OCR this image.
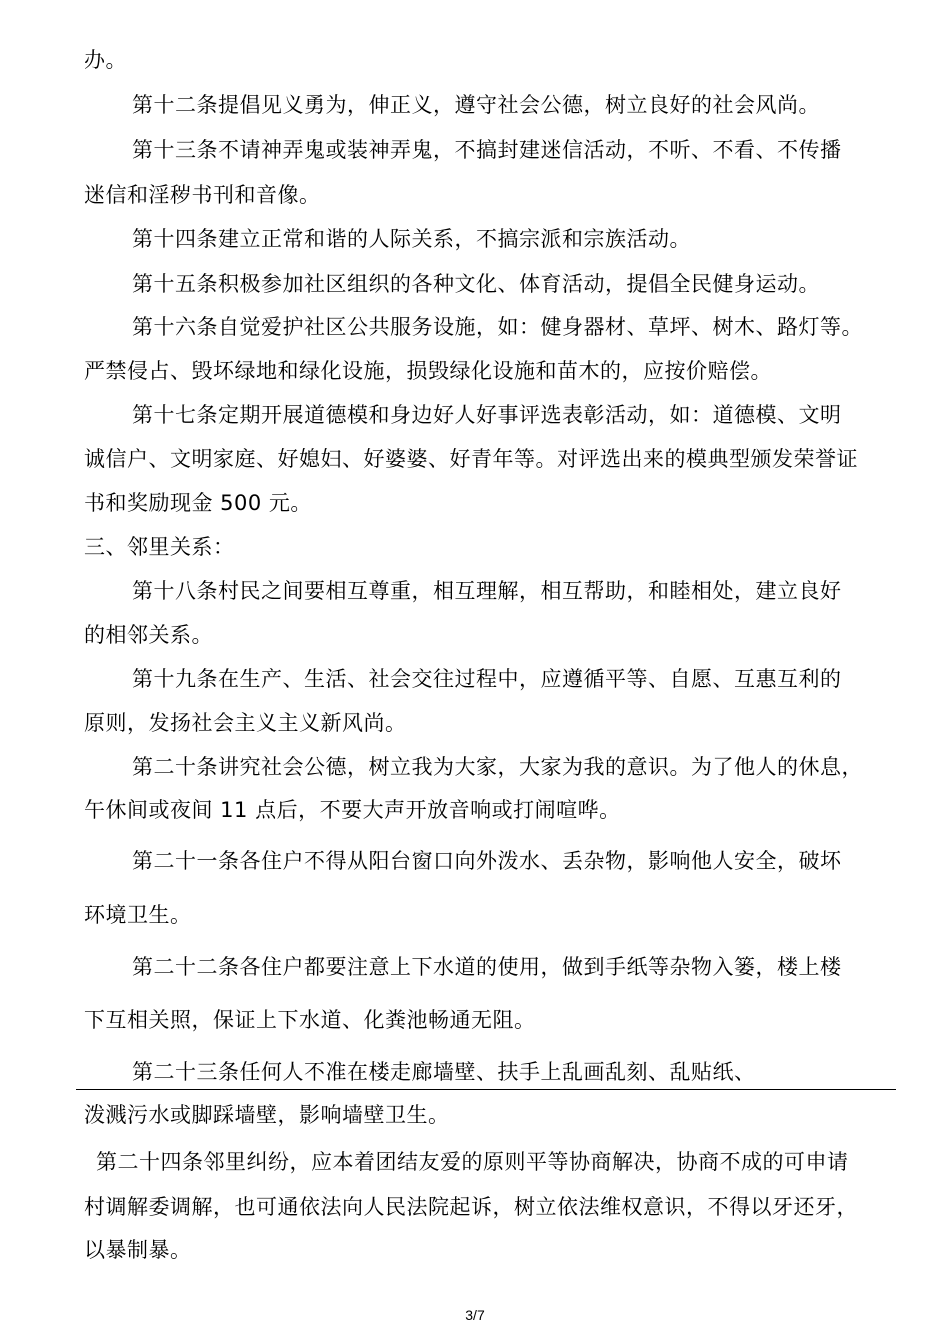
办。
第十二条提倡见义勇为，伸正义，遵守社会公德，树立良好的社会风尚。
第十三条不请神弄鬼或装神弄鬼，不搞封建迷信活动，不听、不看、不传播
迷信和淫秽书刊和音像。
第十四条建立正常和谐的人际关系，不搞宗派和宗族活动。
第十五条积极参加社区组织的各种文化、体育活动，提倡全民健身运动。
第十六条自觉爱护社区公共服务设施，如：健身器材、草坪、树木、路灯等。
严禁侵占、毁坏绿地和绿化设施，损毁绿化设施和苗木的，应按价赔偿。
第十七条定期开展道德模和身边好人好事评选表彰活动，如：道德模、文明
诚信户、文明家庭、好媳妇、好婆婆、好青年等。对评选出来的模典型颁发荣誉证
书和奖励现金 500 元。
三、邻里关系：
第十八条村民之间要相互尊重，相互理解，相互帮助，和睦相处，建立良好
的相邻关系。
第十九条在生产、生活、社会交往过程中，应遵循平等、自愿、互惠互利的
原则，发扬社会主义主义新风尚。
第二十条讲究社会公德，树立我为大家，大家为我的意识。为了他人的休息，
午休间或夜间 11 点后，不要大声开放音响或打闹喧哗。
第二十一条各住户不得从阳台窗口向外泼水、丢杂物，影响他人安全，破坏
环境卫生。
第二十二条各住户都要注意上下水道的使用，做到手纸等杂物入篓，楼上楼
下互相关照，保证上下水道、化粪池畅通无阻。
第二十三条任何人不准在楼走廊墙壁、扶手上乱画乱刻、乱贴纸、
泼溅污水或脚踩墙壁，影响墙壁卫生。
第二十四条邻里纠纷，应本着团结友爱的原则平等协商解决，协商不成的可申请
村调解委调解，也可通依法向人民法院起诉，树立依法维权意识，不得以牙还牙，
以暴制暴。
3/7
